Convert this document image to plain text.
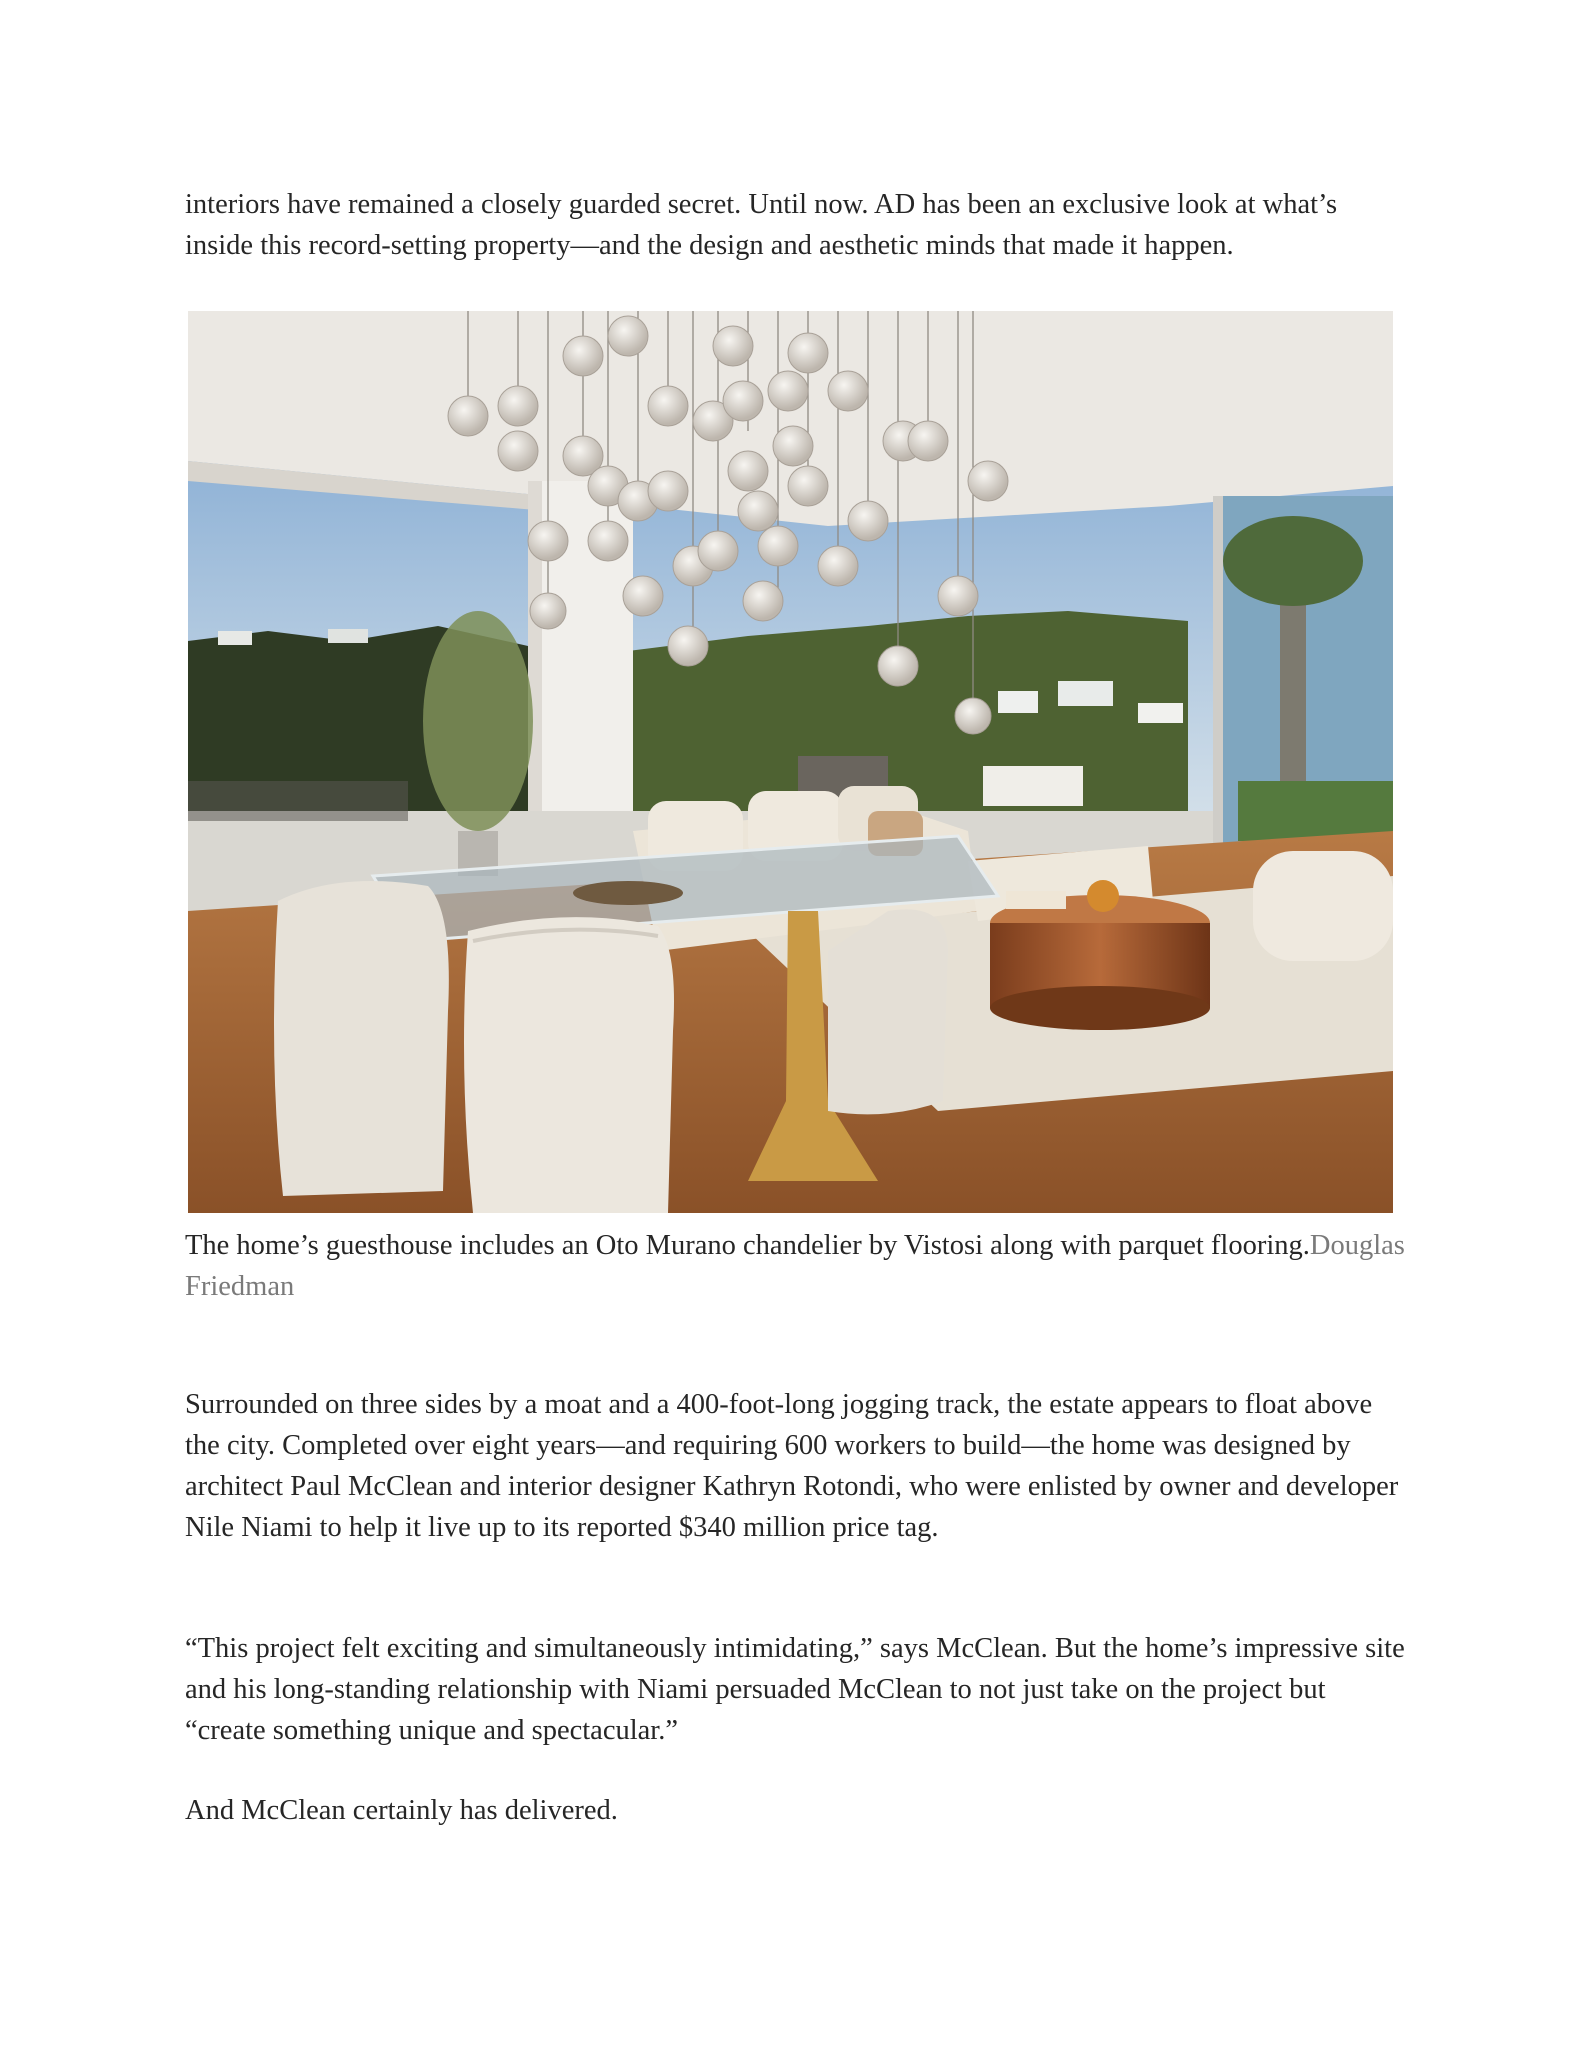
interiors have remained a closely guarded secret. Until now. AD has been an exclusive look at what’s inside this record-setting property—and the design and aesthetic minds that made it happen.

The home’s guesthouse includes an Oto Murano chandelier by Vistosi along with parquet flooring.Douglas Friedman

Surrounded on three sides by a moat and a 400-foot-long jogging track, the estate appears to float above the city. Completed over eight years—and requiring 600 workers to build—the home was designed by architect Paul McClean and interior designer Kathryn Rotondi, who were enlisted by owner and developer Nile Niami to help it live up to its reported $340 million price tag.

“This project felt exciting and simultaneously intimidating,” says McClean. But the home’s impressive site and his long-standing relationship with Niami persuaded McClean to not just take on the project but “create something unique and spectacular.”

And McClean certainly has delivered.
